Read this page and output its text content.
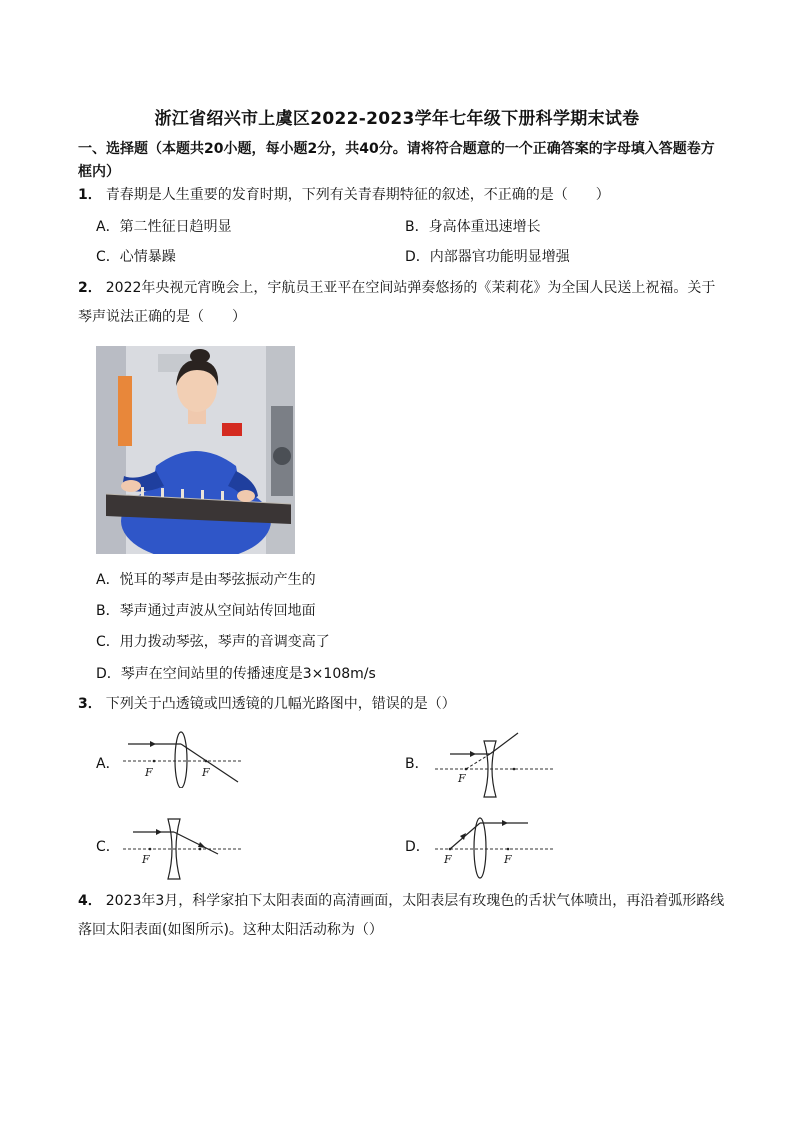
浙江省绍兴市上虞区2022-2023学年七年级下册科学期末试卷
一、选择题（本题共20小题，每小题2分，共40分。请将符合题意的一个正确答案的字母填入答题卷方框内）
1． 青春期是人生重要的发育时期，下列有关青春期特征的叙述，不正确的是（　　）
A．第二性征日趋明显	B．身高体重迅速增长
C．心情暴躁	D．内部器官功能明显增强
2． 2022年央视元宵晚会上，宇航员王亚平在空间站弹奏悠扬的《茉莉花》为全国人民送上祝福。关于琴声说法正确的是（　　）
A．悦耳的琴声是由琴弦振动产生的
B．琴声通过声波从空间站传回地面
C．用力拨动琴弦，琴声的音调变高了
D．琴声在空间站里的传播速度是3×108m/s
3． 下列关于凸透镜或凹透镜的几幅光路图中，错误的是（）
A．
F	F
B．
F
C．
F
D．
F	F
4． 2023年3月，科学家拍下太阳表面的高清画面，太阳表层有玫瑰色的舌状气体喷出，再沿着弧形路线落回太阳表面(如图所示)。这种太阳活动称为（）
